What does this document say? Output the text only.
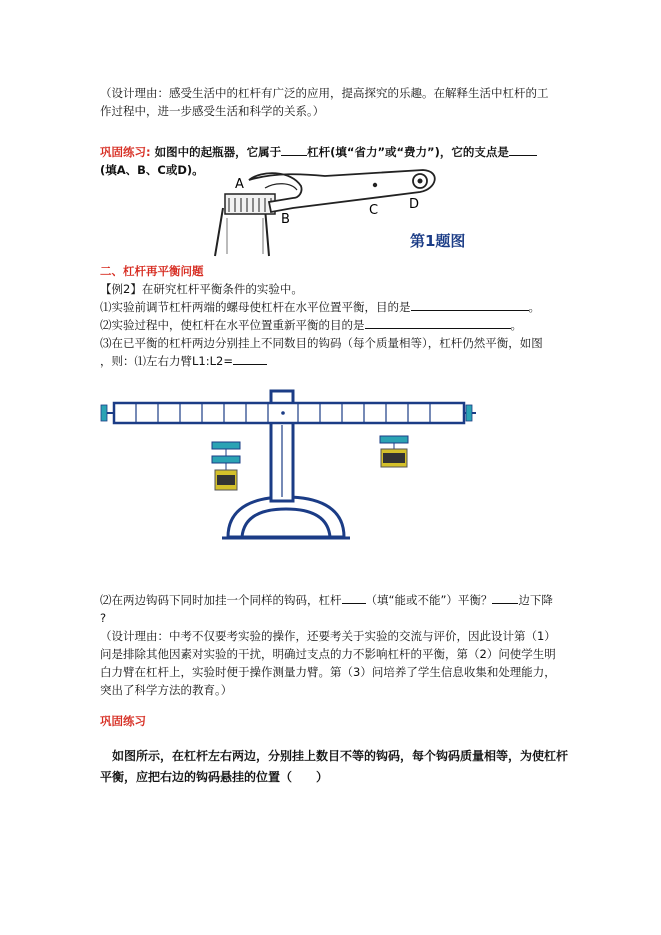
（设计理由：感受生活中的杠杆有广泛的应用，提高探究的乐趣。在解释生活中杠杆的工
作过程中，进一步感受生活和科学的关系。）
巩固练习: 如图中的起瓶器，它属于 杠杆(填“省力”或“费力”)，它的支点是
(填A、B、C或D)。
A
B
C D
第1题图
二、杠杆再平衡问题
【例2】在研究杠杆平衡条件的实验中。
⑴实验前调节杠杆两端的螺母使杠杆在水平位置平衡，目的是	。
⑵实验过程中，使杠杆在水平位置重新平衡的目的是	。
⑶在已平衡的杠杆两边分别挂上不同数目的钩码（每个质量相等），杠杆仍然平衡，如图
，则：⑴左右力臂L1:L2=
⑵在两边钩码下同时加挂一个同样的钩码，杠杆 （填“能或不能”）平衡？ 边下降
?
（设计理由：中考不仅要考实验的操作，还要考关于实验的交流与评价，因此设计第（1）
问是排除其他因素对实验的干扰，明确过支点的力不影响杠杆的平衡，第（2）问使学生明
白力臂在杠杆上，实验时便于操作测量力臂。第（3）问培养了学生信息收集和处理能力，
突出了科学方法的教育。）
巩固练习
如图所示，在杠杆左右两边，分别挂上数目不等的钩码，每个钩码质量相等，为使杠杆
平衡，应把右边的钩码悬挂的位置（　　）
